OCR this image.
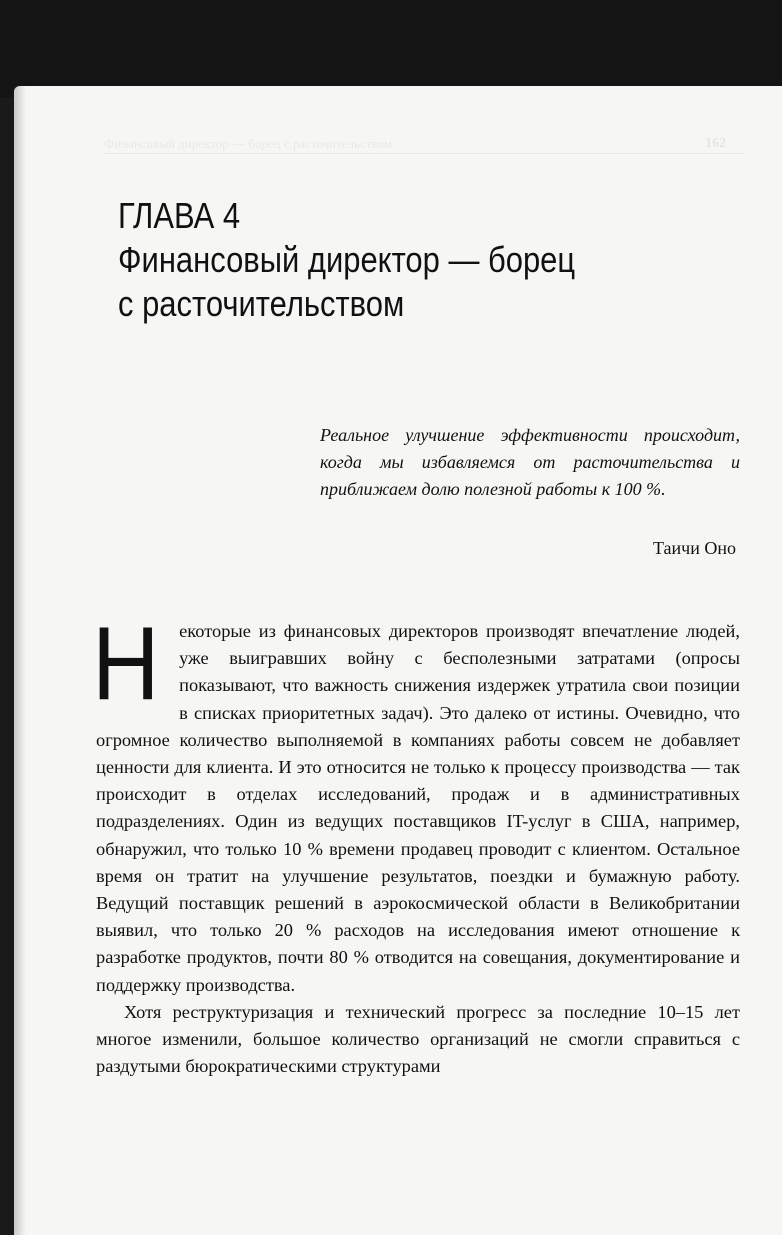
Финансовый директор — борец с расточительством	162
ГЛАВА 4
Финансовый директор — борец
с расточительством
Реальное улучшение эффективности происходит, когда мы избавляемся от расточительства и приближаем долю полезной работы к 100 %.
Таичи Оно

Н екоторые из финансовых директоров производят впечатление людей, уже выигравших войну с бесполезными затратами (опросы показывают, что важность снижения издержек утратила свои позиции в списках приоритетных задач). Это далеко от истины. Очевидно, что огромное количество выполняемой в компаниях работы совсем не добавляет ценности для клиента. И это относится не только к процессу производства — так происходит в отделах исследований, продаж и в административных подразделениях. Один из ведущих поставщиков IT-услуг в США, например, обнаружил, что только 10 % времени продавец проводит с клиентом. Остальное время он тратит на улучшение результатов, поездки и бумажную работу. Ведущий поставщик решений в аэрокосмической области в Великобритании выявил, что только 20 % расходов на исследования имеют отношение к разработке продуктов, почти 80 % отводится на совещания, документирование и поддержку производства.

Хотя реструктуризация и технический прогресс за последние 10–15 лет многое изменили, большое количество организаций не смогли справиться с раздутыми бюрократическими структурами
